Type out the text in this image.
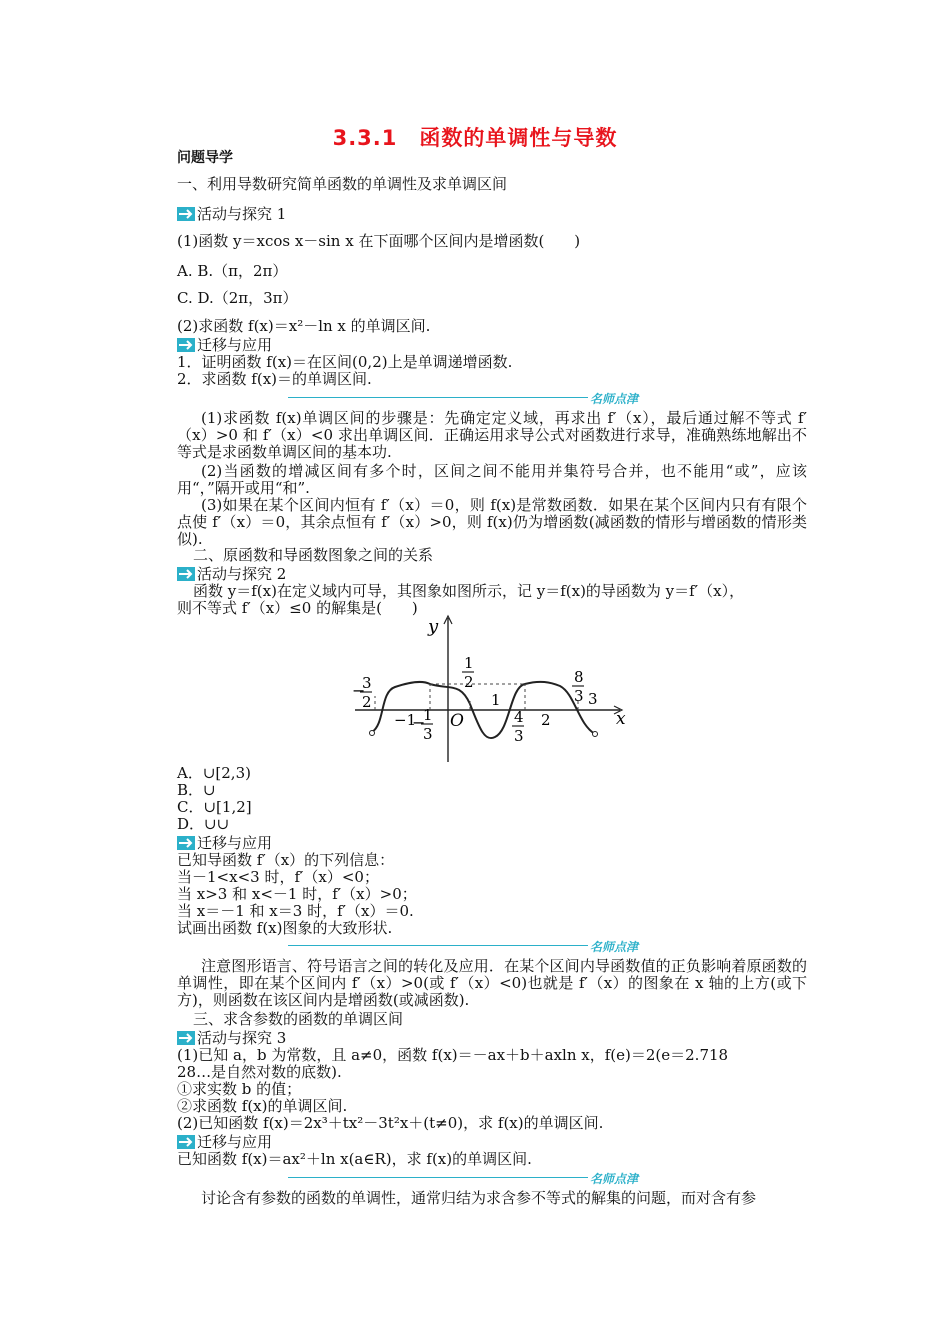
3.3.1　函数的单调性与导数
问题导学
一、利用导数研究简单函数的单调性及求单调区间
活动与探究 1
(1)函数 y＝xcos x－sin x 在下面哪个区间内是增函数(　　)
A. B.（π，2π）
C. D.（2π，3π）
(2)求函数 f(x)＝x²－ln x 的单调区间.
迁移与应用
1．证明函数 f(x)＝在区间(0,2)上是单调递增函数.
2．求函数 f(x)＝的单调区间.
名师点津
(1)求函数 f(x)单调区间的步骤是：先确定定义域，再求出 f′（x），最后通过解不等式 f′（x）>0 和 f′（x）<0 求出单调区间．正确运用求导公式对函数进行求导，准确熟练地解出不等式是求函数单调区间的基本功.
(2)当函数的增减区间有多个时，区间之间不能用并集符号合并，也不能用“或”，应该用“，”隔开或用“和”.
(3)如果在某个区间内恒有 f′（x）＝0，则 f(x)是常数函数．如果在某个区间内只有有限个点使 f′（x）＝0，其余点恒有 f′（x）>0，则 f(x)仍为增函数(减函数的情形与增函数的情形类似).
二、原函数和导函数图象之间的关系
活动与探究 2
函数 y＝f(x)在定义域内可导，其图象如图所示，记 y＝f(x)的导函数为 y＝f′（x），
则不等式 f′（x）≤0 的解集是(　　)
y
x
O
−
3
2
−1
−
1
3
1
2
1
4
3
2
8
3 3
A．∪[2,3)
B．∪
C．∪[1,2]
D．∪∪
迁移与应用
已知导函数 f′（x）的下列信息：
当－1<x<3 时，f′（x）<0；
当 x>3 和 x<－1 时，f′（x）>0；
当 x＝－1 和 x＝3 时，f′（x）＝0.
试画出函数 f(x)图象的大致形状.
名师点津
注意图形语言、符号语言之间的转化及应用．在某个区间内导函数值的正负影响着原函数的单调性，即在某个区间内 f′（x）>0(或 f′（x）<0)也就是 f′（x）的图象在 x 轴的上方(或下方)，则函数在该区间内是增函数(或减函数).
三、求含参数的函数的单调区间
活动与探究 3
(1)已知 a，b 为常数，且 a≠0，函数 f(x)＝－ax＋b＋axln x，f(e)＝2(e＝2.718
28…是自然对数的底数).
①求实数 b 的值；
②求函数 f(x)的单调区间.
(2)已知函数 f(x)＝2x³＋tx²－3t²x＋(t≠0)，求 f(x)的单调区间.
迁移与应用
已知函数 f(x)＝ax²＋ln x(a∈R)，求 f(x)的单调区间.
名师点津
讨论含有参数的函数的单调性，通常归结为求含参不等式的解集的问题，而对含有参
